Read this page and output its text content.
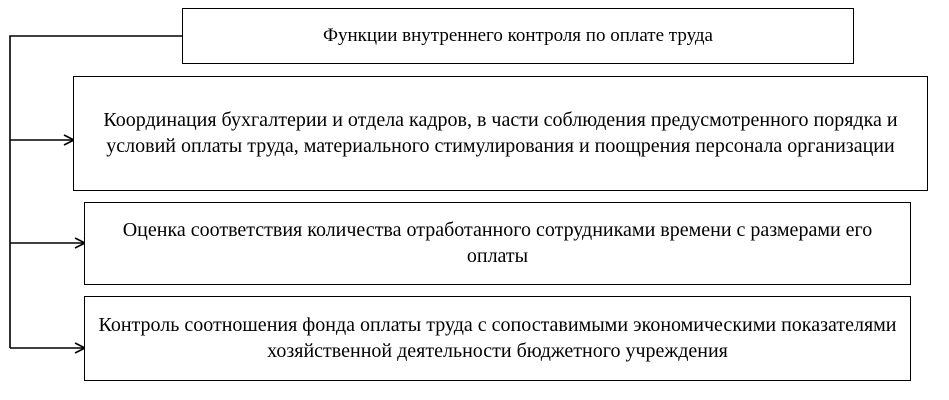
Функции внутреннего контроля по оплате труда
Координация бухгалтерии и отдела кадров, в части соблюдения предусмотренного порядка и условий оплаты труда, материального стимулирования и поощрения персонала организации
Оценка соответствия количества отработанного сотрудниками времени с размерами его оплаты
Контроль соотношения фонда оплаты труда с сопоставимыми экономическими показателями хозяйственной деятельности бюджетного учреждения
